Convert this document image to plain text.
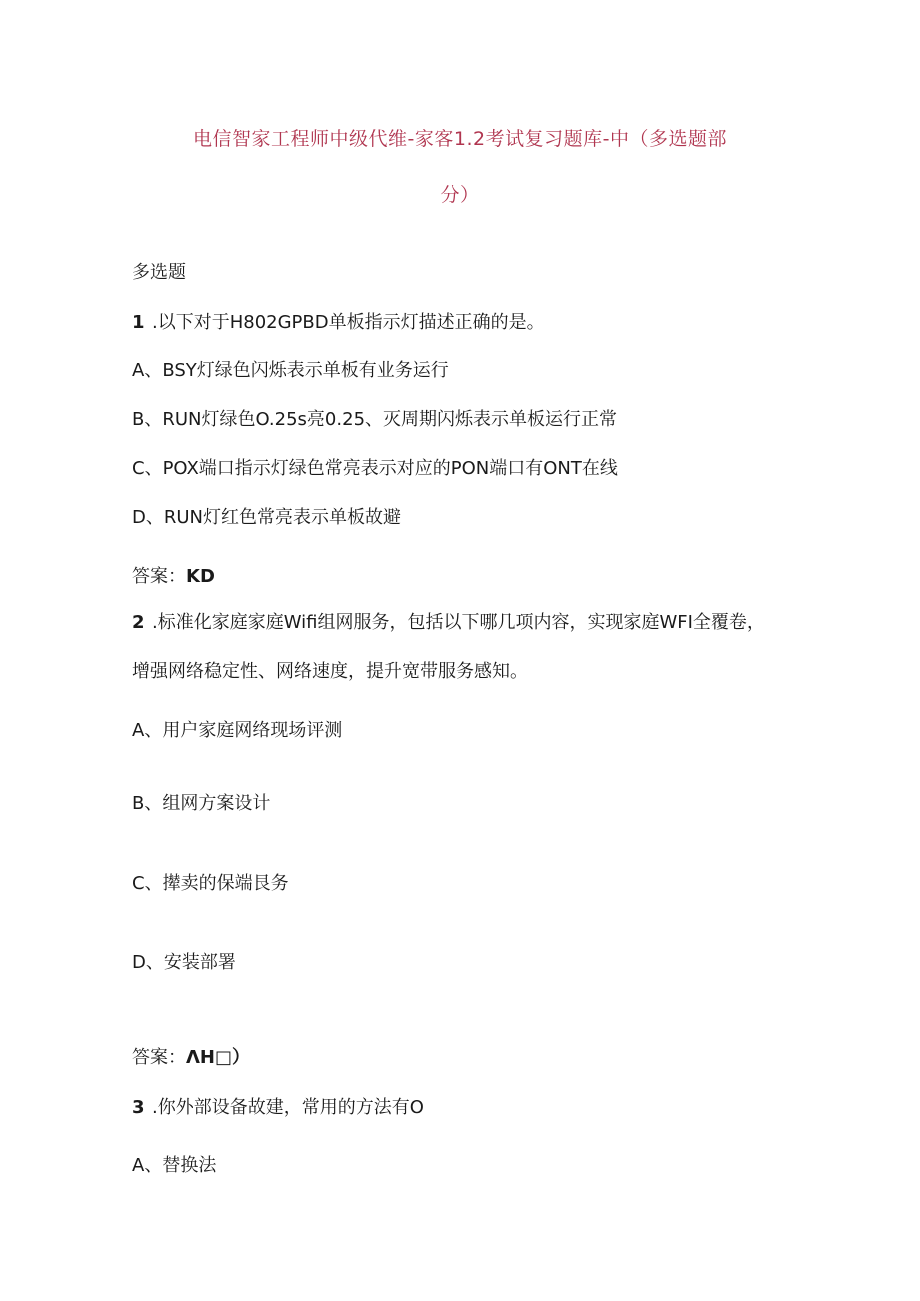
电信智家工程师中级代维-家客1.2考试复习题库-中（多选题部
分）
多选题
1 .以下对于H802GPBD单板指示灯描述正确的是。
A、BSY灯绿色闪烁表示单板有业务运行
B、RUN灯绿色O.25s亮0.25、灭周期闪烁表示单板运行正常
C、POX端口指示灯绿色常亮表示对应的PON端口有ONT在线
D、RUN灯红色常亮表示单板故避
答案：KD
2 .标准化家庭家庭Wifi组网服务，包括以下哪几项内容，实现家庭WFI全覆卷，
增强网络稳定性、网络速度，提升宽带服务感知。
A、用户家庭网络现场评测
B、组网方案设计
C、撵卖的保端艮务
D、安装部署
答案：ΛH□）
3 .你外部设备故建，常用的方法有O
A、替换法
